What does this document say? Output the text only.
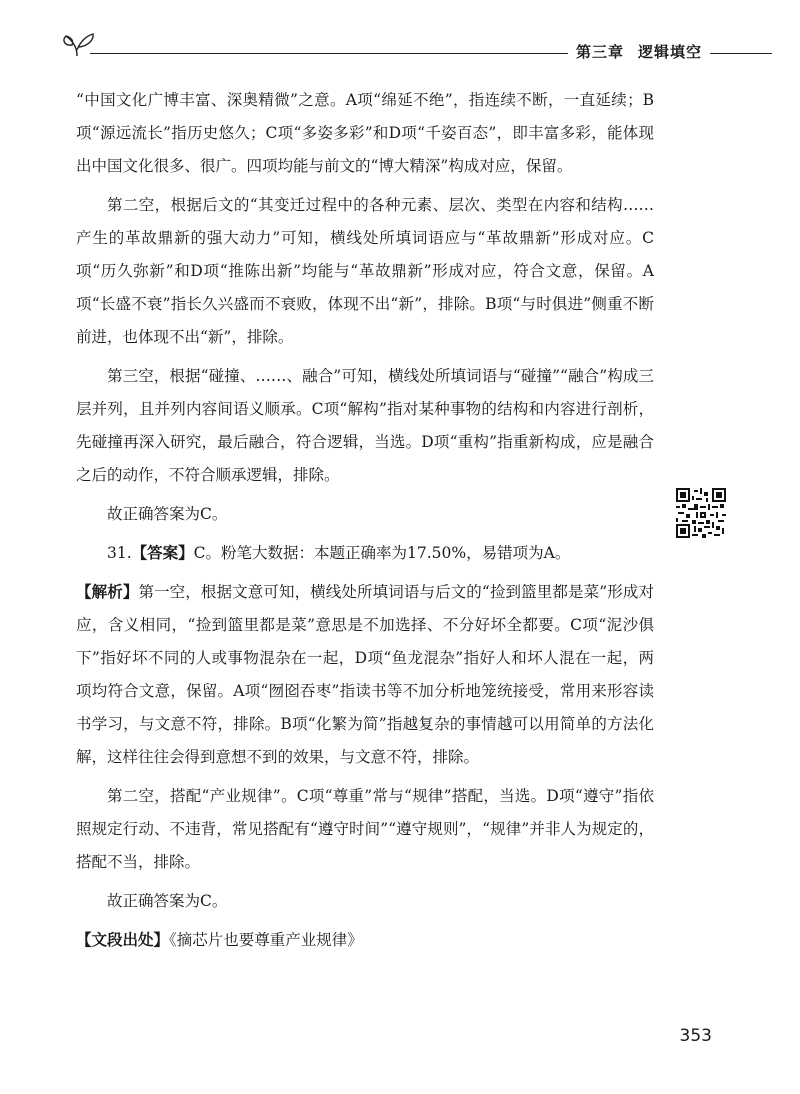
第三章 逻辑填空

“中国文化广博丰富、深奥精微”之意。A项“绵延不绝”，指连续不断，一直延续；B项“源远流长”指历史悠久；C项“多姿多彩”和D项“千姿百态”，即丰富多彩，能体现出中国文化很多、很广。四项均能与前文的“博大精深”构成对应，保留。

第二空，根据后文的“其变迁过程中的各种元素、层次、类型在内容和结构……产生的革故鼎新的强大动力”可知，横线处所填词语应与“革故鼎新”形成对应。C项“历久弥新”和D项“推陈出新”均能与“革故鼎新”形成对应，符合文意，保留。A项“长盛不衰”指长久兴盛而不衰败，体现不出“新”，排除。B项“与时俱进”侧重不断前进，也体现不出“新”，排除。

第三空，根据“碰撞、……、融合”可知，横线处所填词语与“碰撞”“融合”构成三层并列，且并列内容间语义顺承。C项“解构”指对某种事物的结构和内容进行剖析，先碰撞再深入研究，最后融合，符合逻辑，当选。D项“重构”指重新构成，应是融合之后的动作，不符合顺承逻辑，排除。

故正确答案为C。

31.【答案】C。粉笔大数据：本题正确率为17.50%，易错项为A。

【解析】第一空，根据文意可知，横线处所填词语与后文的“捡到篮里都是菜”形成对应，含义相同，“捡到篮里都是菜”意思是不加选择、不分好坏全都要。C项“泥沙俱下”指好坏不同的人或事物混杂在一起，D项“鱼龙混杂”指好人和坏人混在一起，两项均符合文意，保留。A项“囫囵吞枣”指读书等不加分析地笼统接受，常用来形容读书学习，与文意不符，排除。B项“化繁为简”指越复杂的事情越可以用简单的方法化解，这样往往会得到意想不到的效果，与文意不符，排除。

第二空，搭配“产业规律”。C项“尊重”常与“规律”搭配，当选。D项“遵守”指依照规定行动、不违背，常见搭配有“遵守时间”“遵守规则”，“规律”并非人为规定的，搭配不当，排除。

故正确答案为C。

【文段出处】《摘芯片也要尊重产业规律》

353
